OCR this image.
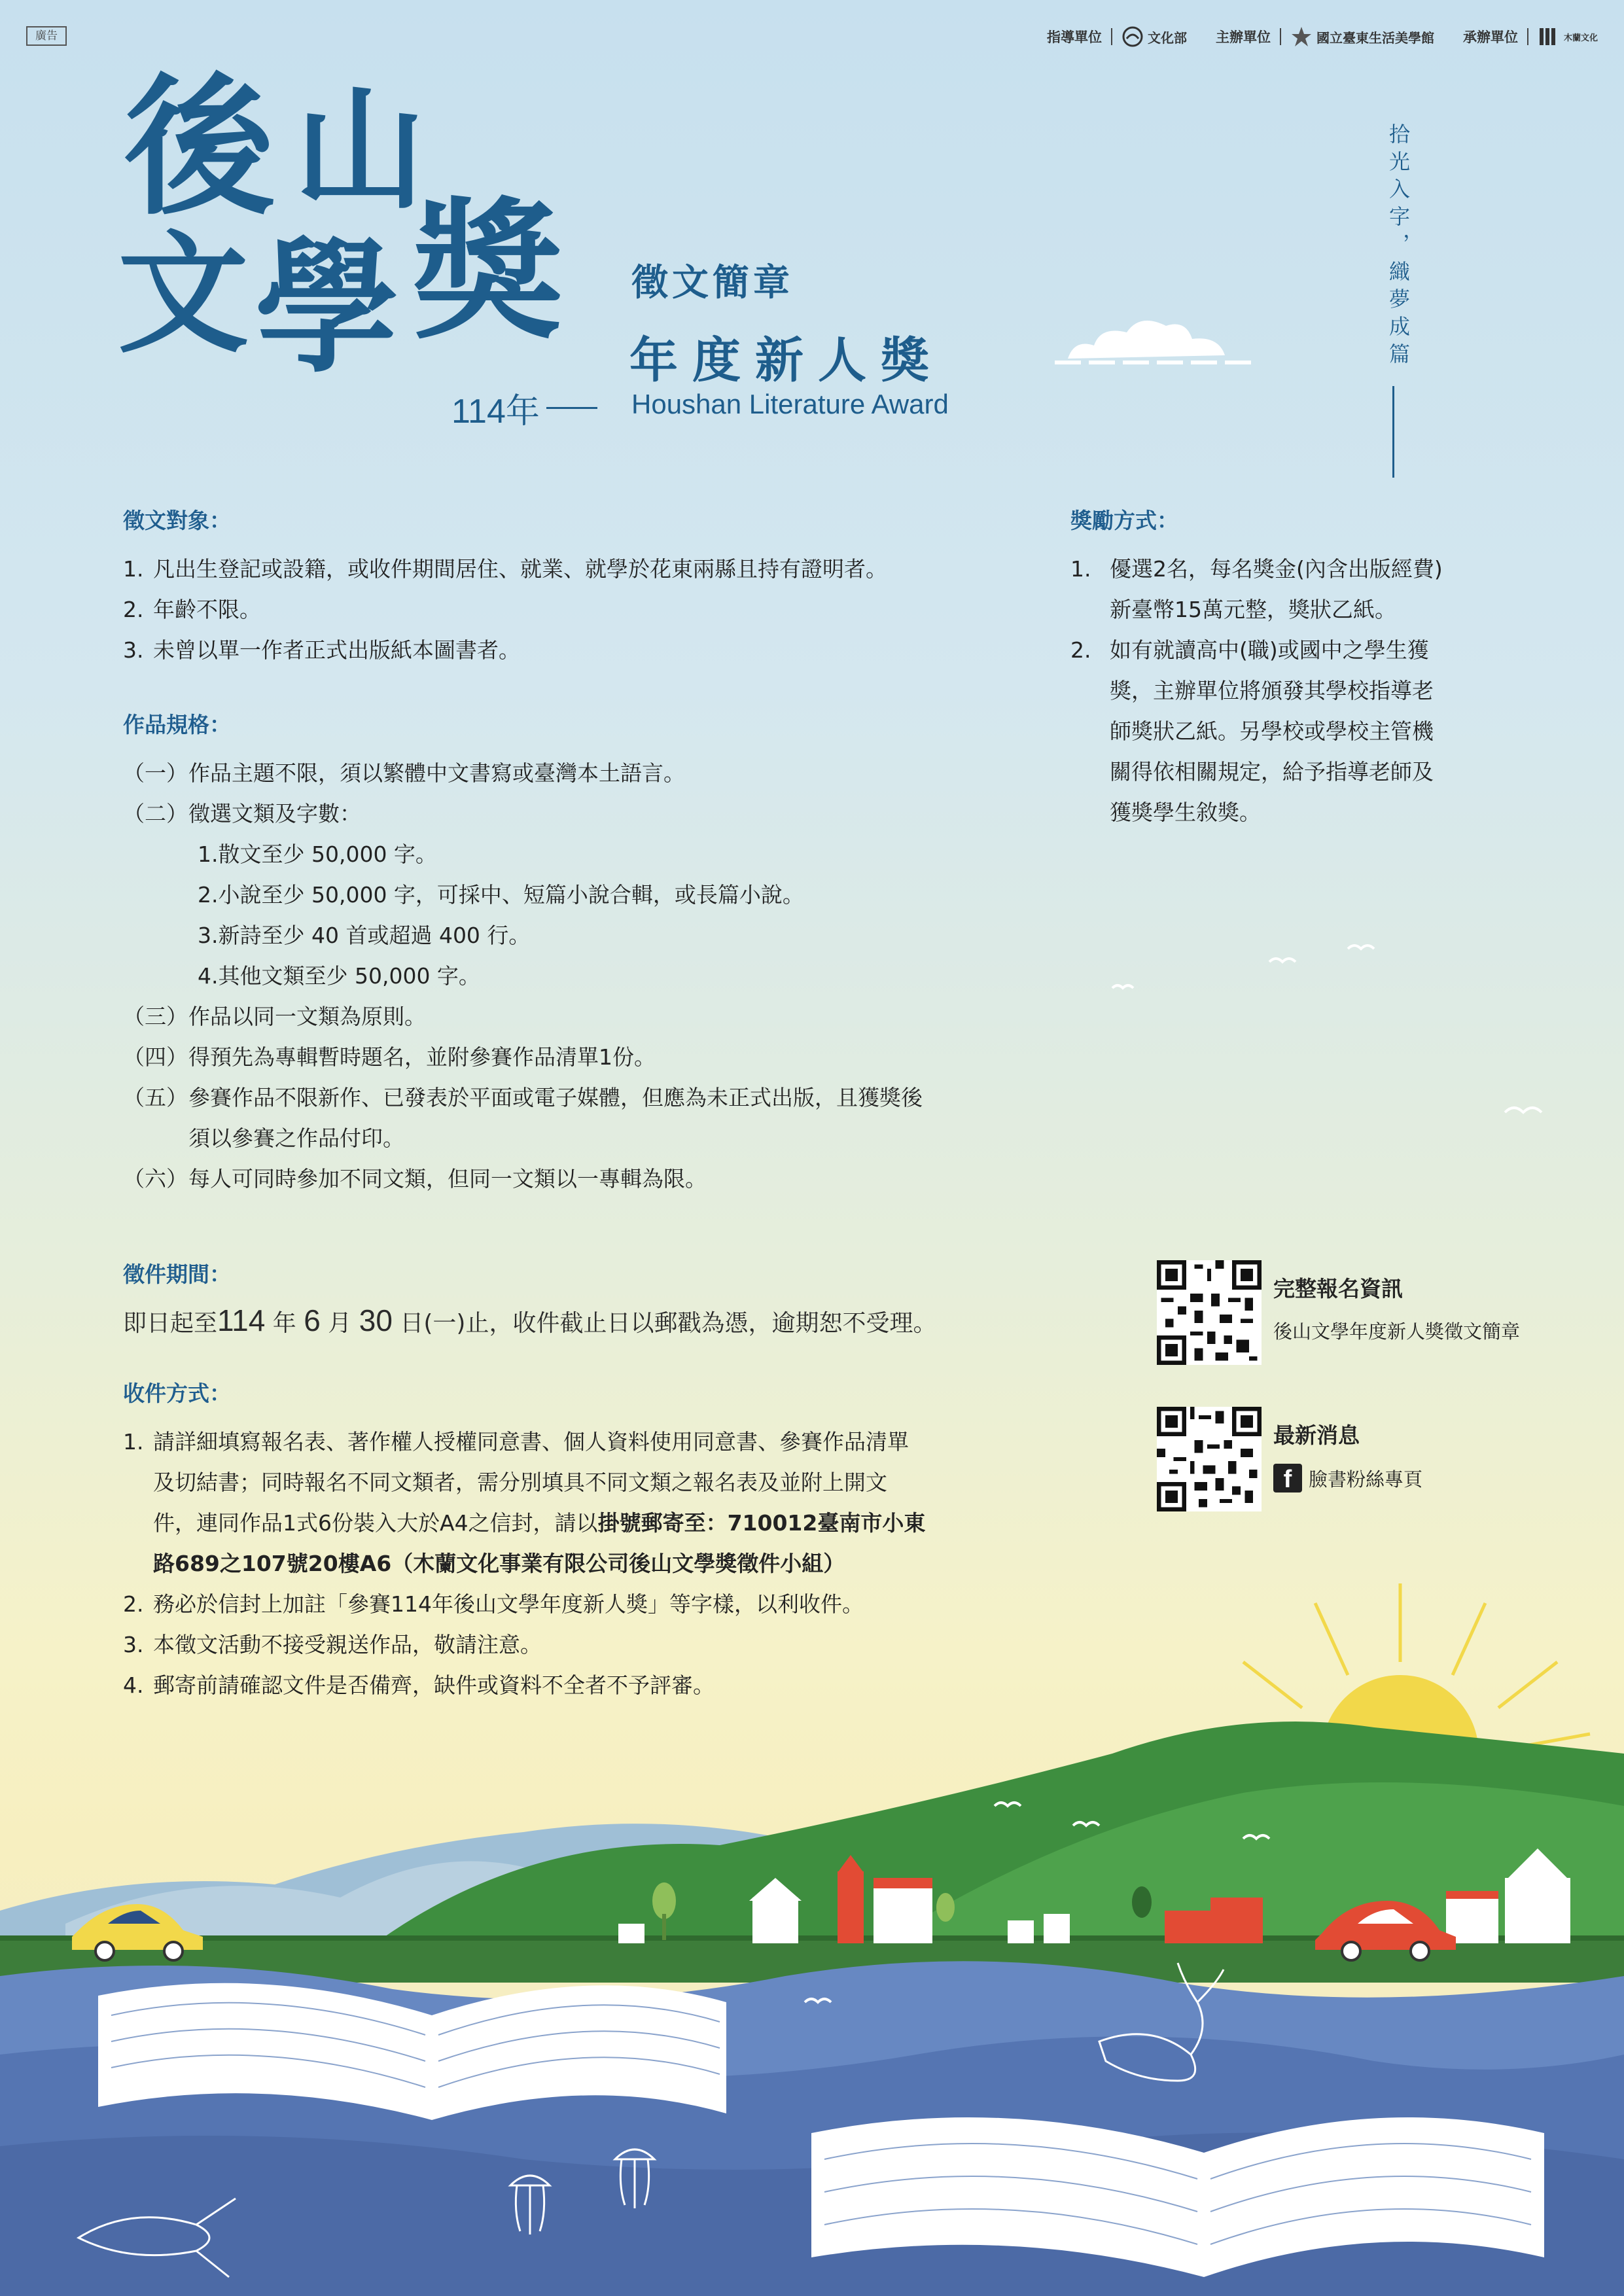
廣告	指導單位	文化部 主辦單位	國立臺東生活美學館 承辦單位	木蘭文化
後 山
文 學 獎
114年
徵文簡章
年度新人獎
Houshan Literature Award
拾光入字，織夢成篇
徵文對象：
1. 凡出生登記或設籍，或收件期間居住、就業、就學於花東兩縣且持有證明者。
2. 年齡不限。
3. 未曾以單一作者正式出版紙本圖書者。
作品規格：
（一）作品主題不限，須以繁體中文書寫或臺灣本土語言。
（二）徵選文類及字數：
1.散文至少 50,000 字。
2.小說至少 50,000 字，可採中、短篇小說合輯，或長篇小說。
3.新詩至少 40 首或超過 400 行。
4.其他文類至少 50,000 字。
（三）作品以同一文類為原則。
（四）得預先為專輯暫時題名，並附參賽作品清單1份。
（五）參賽作品不限新作、已發表於平面或電子媒體，但應為未正式出版，且獲獎後
須以參賽之作品付印。
（六）每人可同時參加不同文類，但同一文類以一專輯為限。
徵件期間：
即日起至114 年 6 月 30 日(一)止，收件截止日以郵戳為憑，逾期恕不受理。
收件方式：
1. 請詳細填寫報名表、著作權人授權同意書、個人資料使用同意書、參賽作品清單
及切結書；同時報名不同文類者，需分別填具不同文類之報名表及並附上開文
件，連同作品1式6份裝入大於A4之信封，請以掛號郵寄至：710012臺南市小東
路689之107號20樓A6（木蘭文化事業有限公司後山文學獎徵件小組）
2. 務必於信封上加註「參賽114年後山文學年度新人獎」等字樣，以利收件。
3. 本徵文活動不接受親送作品，敬請注意。
4. 郵寄前請確認文件是否備齊，缺件或資料不全者不予評審。
獎勵方式：
1. 優選2名，每名獎金(內含出版經費)
新臺幣15萬元整，獎狀乙紙。
2. 如有就讀高中(職)或國中之學生獲
獎，主辦單位將頒發其學校指導老
師獎狀乙紙。另學校或學校主管機
關得依相關規定，給予指導老師及
獲獎學生敘獎。
完整報名資訊
後山文學年度新人獎徵文簡章
最新消息
f 臉書粉絲專頁
